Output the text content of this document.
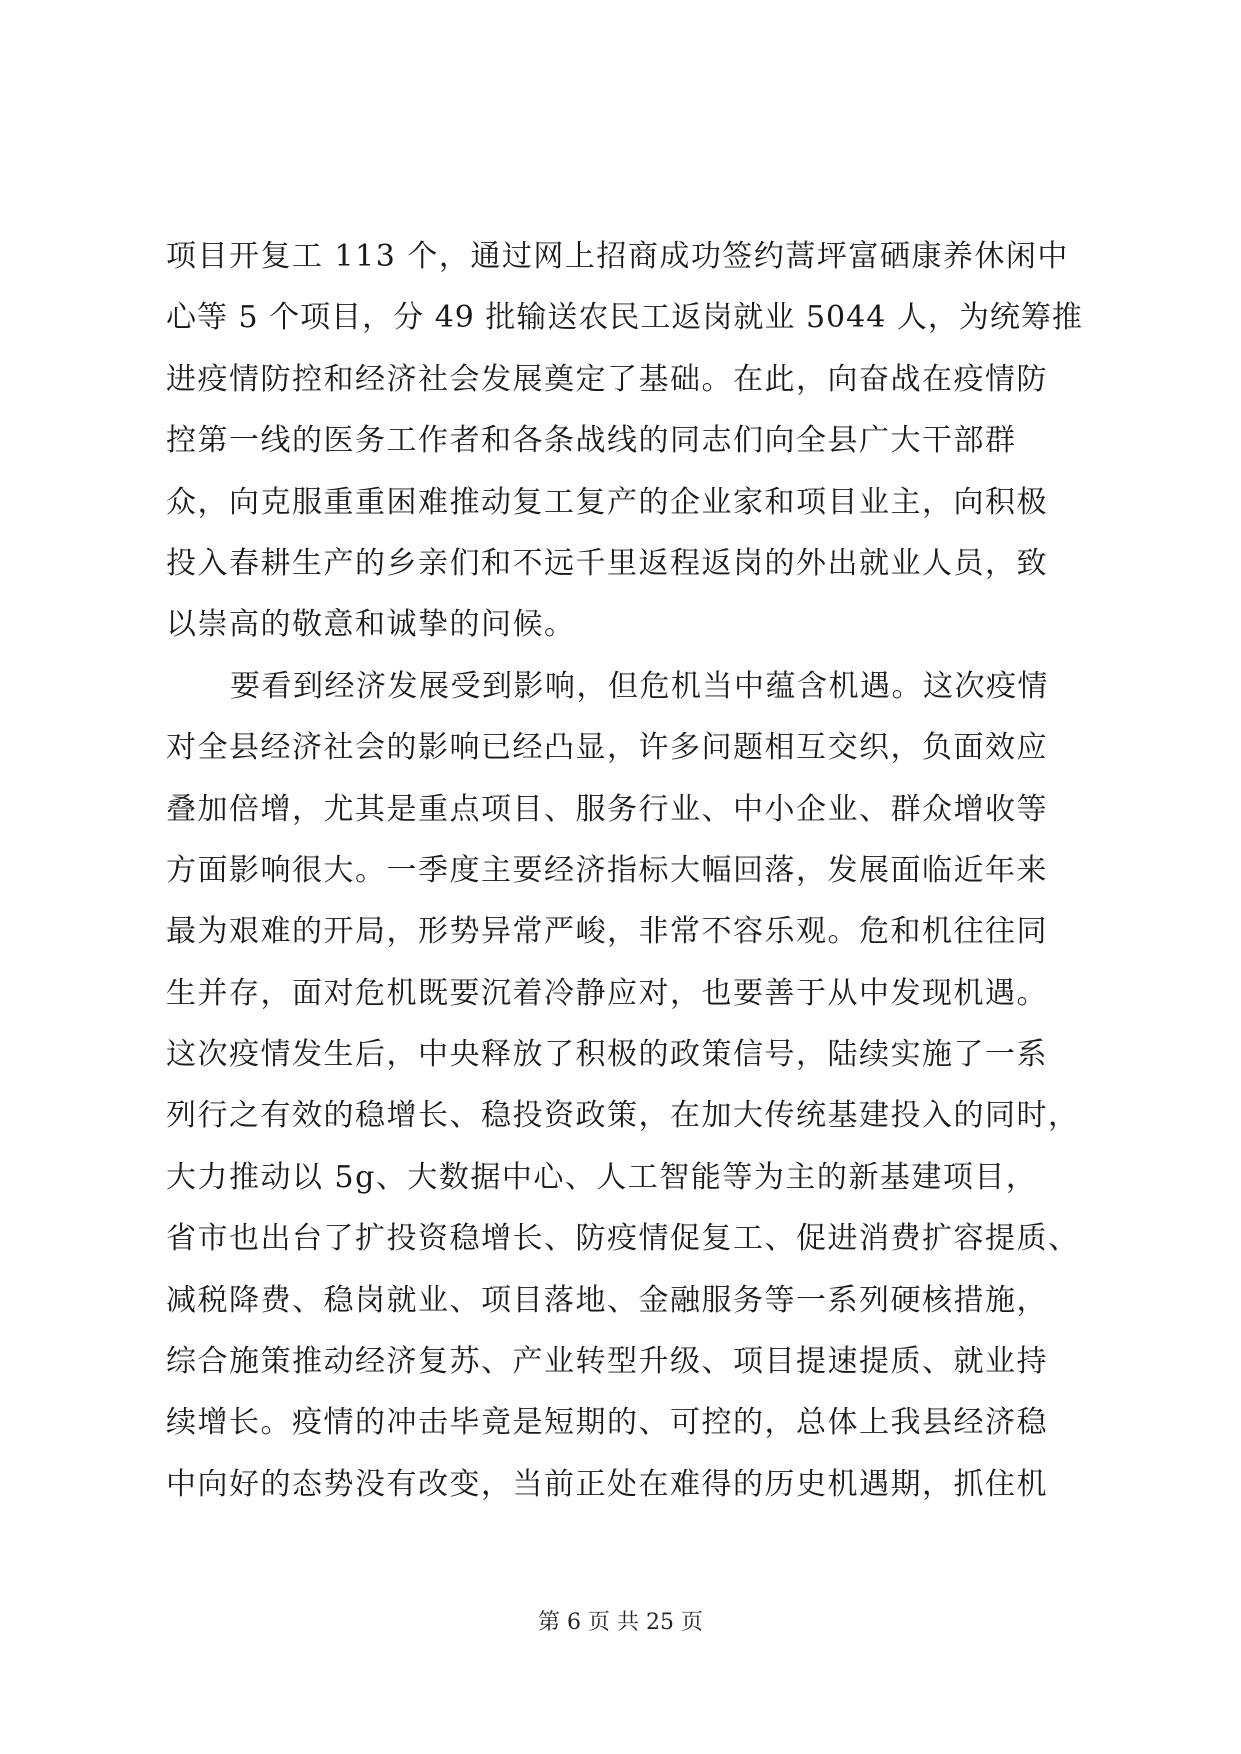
项目开复工 113 个，通过网上招商成功签约蒿坪富硒康养休闲中
心等 5 个项目，分 49 批输送农民工返岗就业 5044 人，为统筹推
进疫情防控和经济社会发展奠定了基础。在此，向奋战在疫情防
控第一线的医务工作者和各条战线的同志们向全县广大干部群
众，向克服重重困难推动复工复产的企业家和项目业主，向积极
投入春耕生产的乡亲们和不远千里返程返岗的外出就业人员，致
以崇高的敬意和诚挚的问候。
要看到经济发展受到影响，但危机当中蕴含机遇。这次疫情
对全县经济社会的影响已经凸显，许多问题相互交织，负面效应
叠加倍增，尤其是重点项目、服务行业、中小企业、群众增收等
方面影响很大。一季度主要经济指标大幅回落，发展面临近年来
最为艰难的开局，形势异常严峻，非常不容乐观。危和机往往同
生并存，面对危机既要沉着冷静应对，也要善于从中发现机遇。
这次疫情发生后，中央释放了积极的政策信号，陆续实施了一系
列行之有效的稳增长、稳投资政策，在加大传统基建投入的同时，
大力推动以 5g、大数据中心、人工智能等为主的新基建项目，
省市也出台了扩投资稳增长、防疫情促复工、促进消费扩容提质、
减税降费、稳岗就业、项目落地、金融服务等一系列硬核措施，
综合施策推动经济复苏、产业转型升级、项目提速提质、就业持
续增长。疫情的冲击毕竟是短期的、可控的，总体上我县经济稳
中向好的态势没有改变，当前正处在难得的历史机遇期，抓住机
第 6 页 共 25 页
